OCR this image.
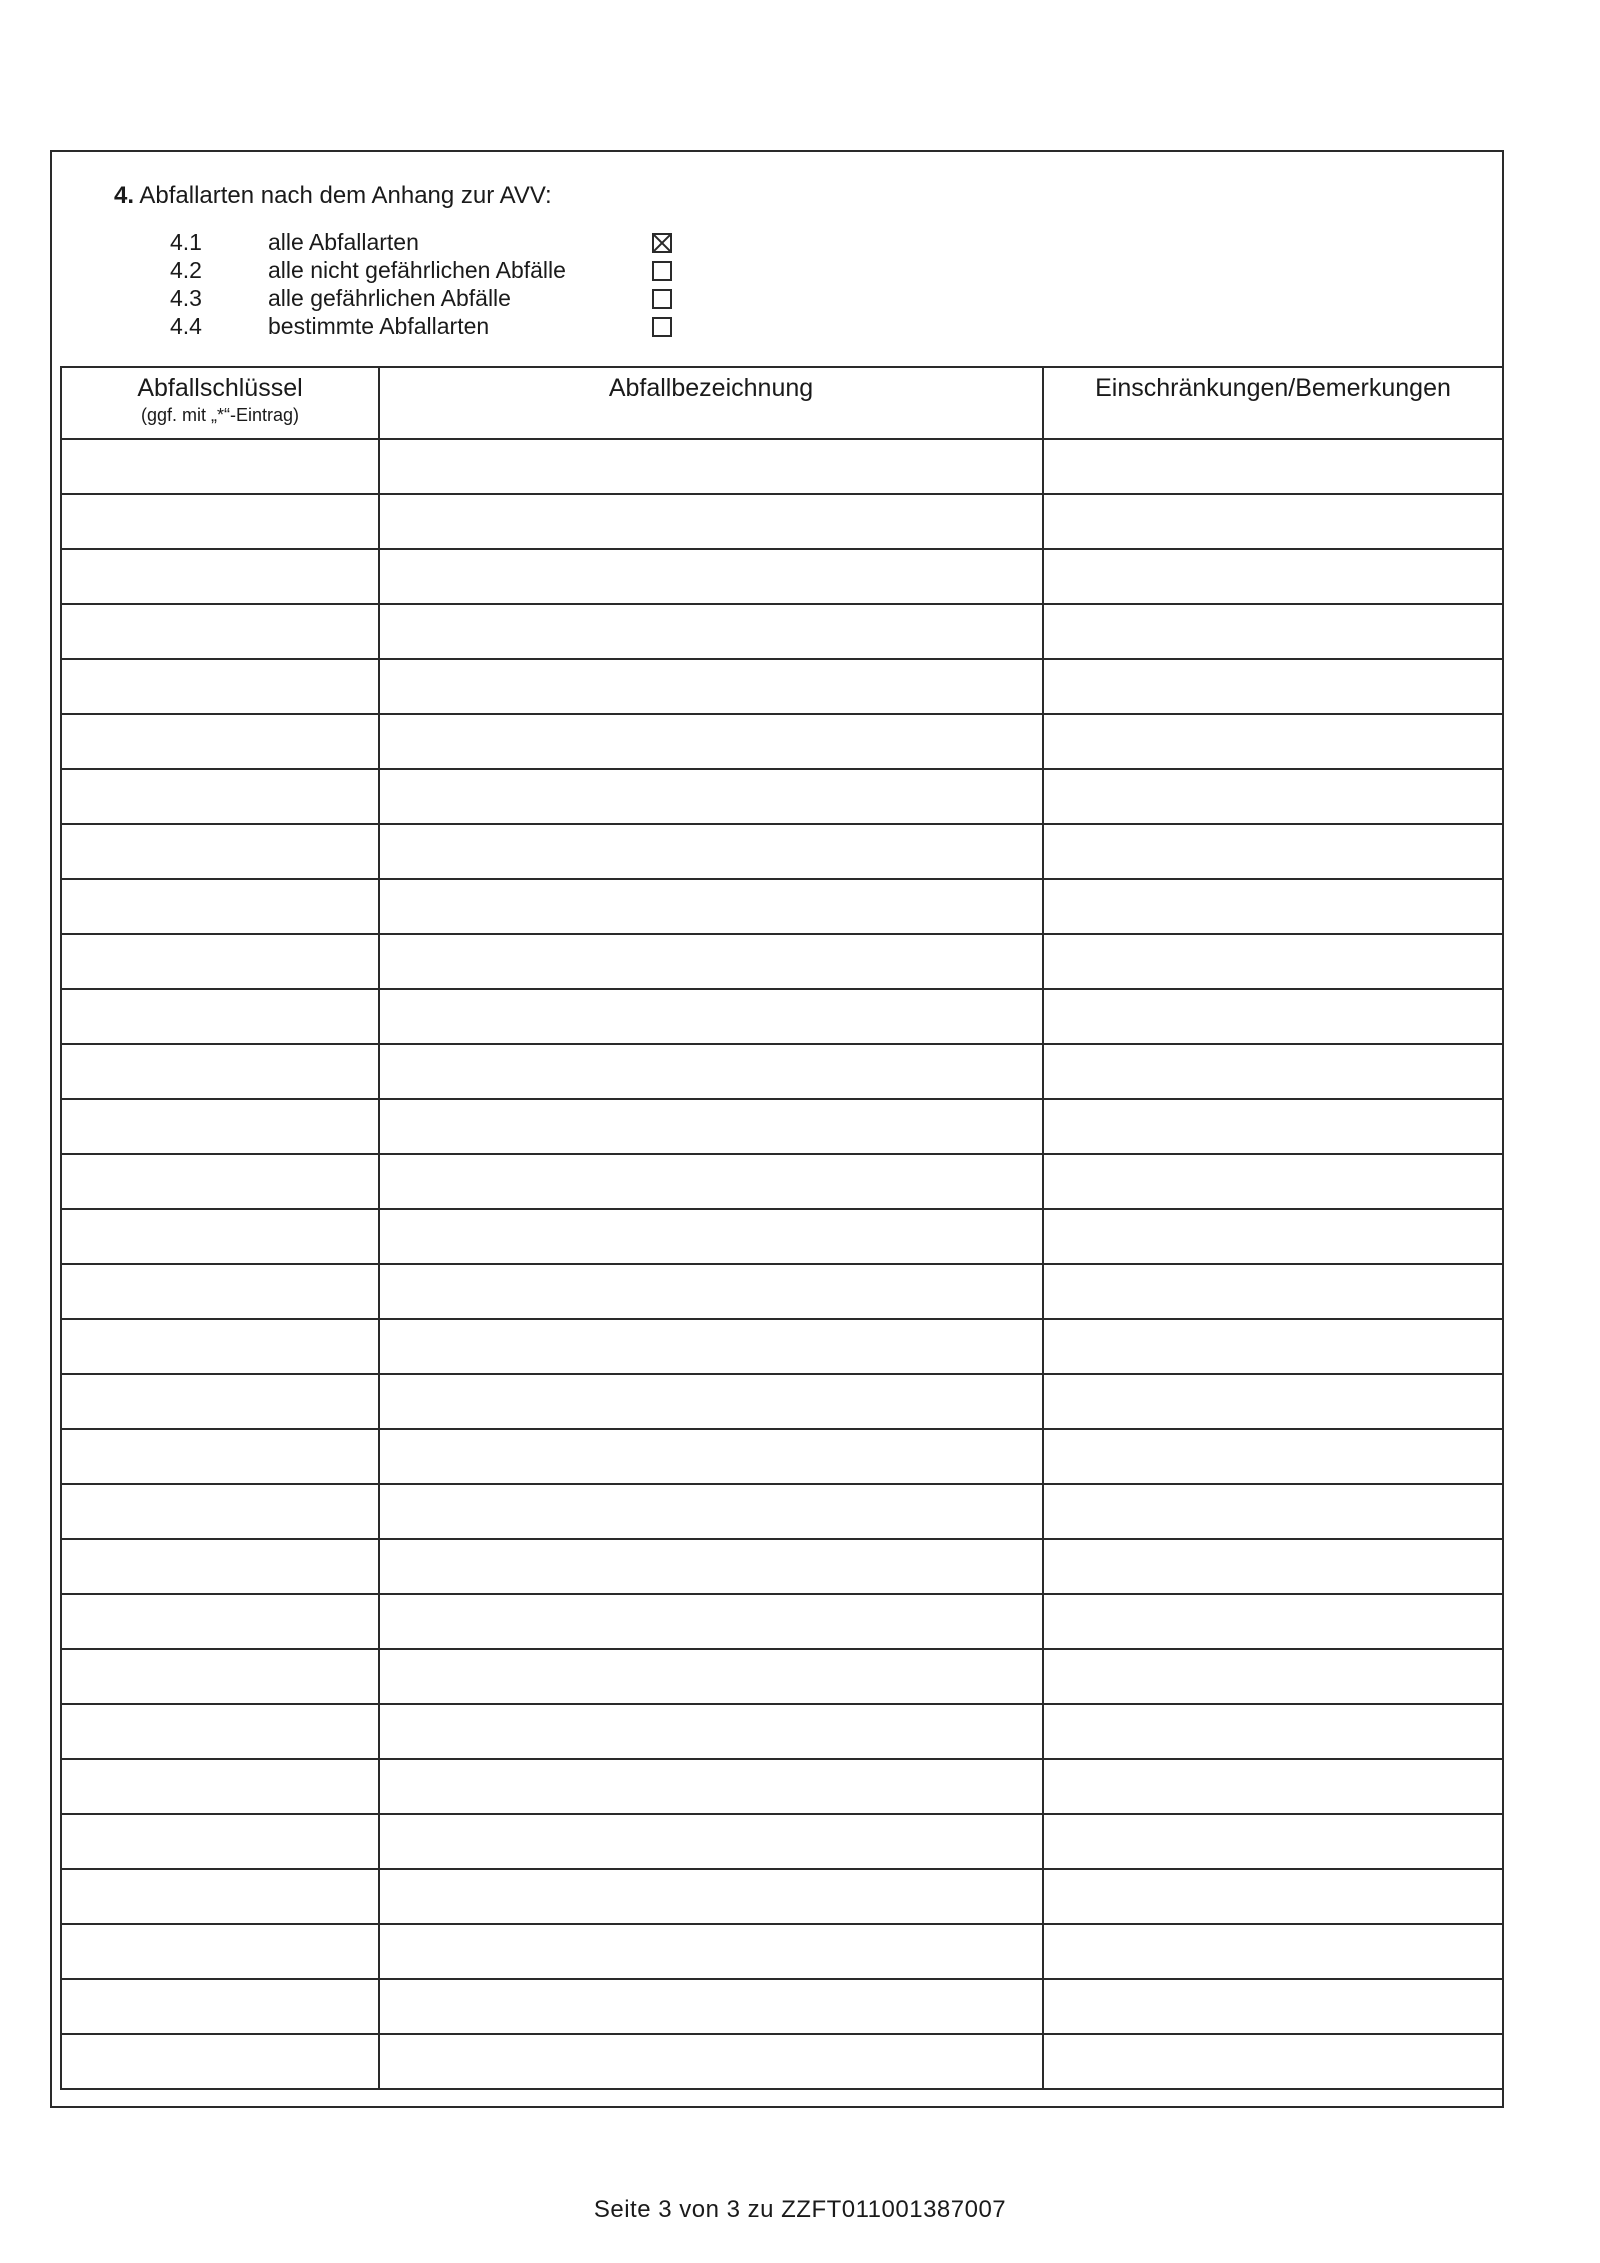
4. Abfallarten nach dem Anhang zur AVV:
4.1	alle Abfallarten
4.2	alle nicht gefährlichen Abfälle
4.3	alle gefährlichen Abfälle
4.4	bestimmte Abfallarten
Abfallschlüssel
(ggf. mit „*“-Eintrag)	Abfallbezeichnung	Einschränkungen/Bemerkungen

Seite 3 von 3 zu ZZFT011001387007
